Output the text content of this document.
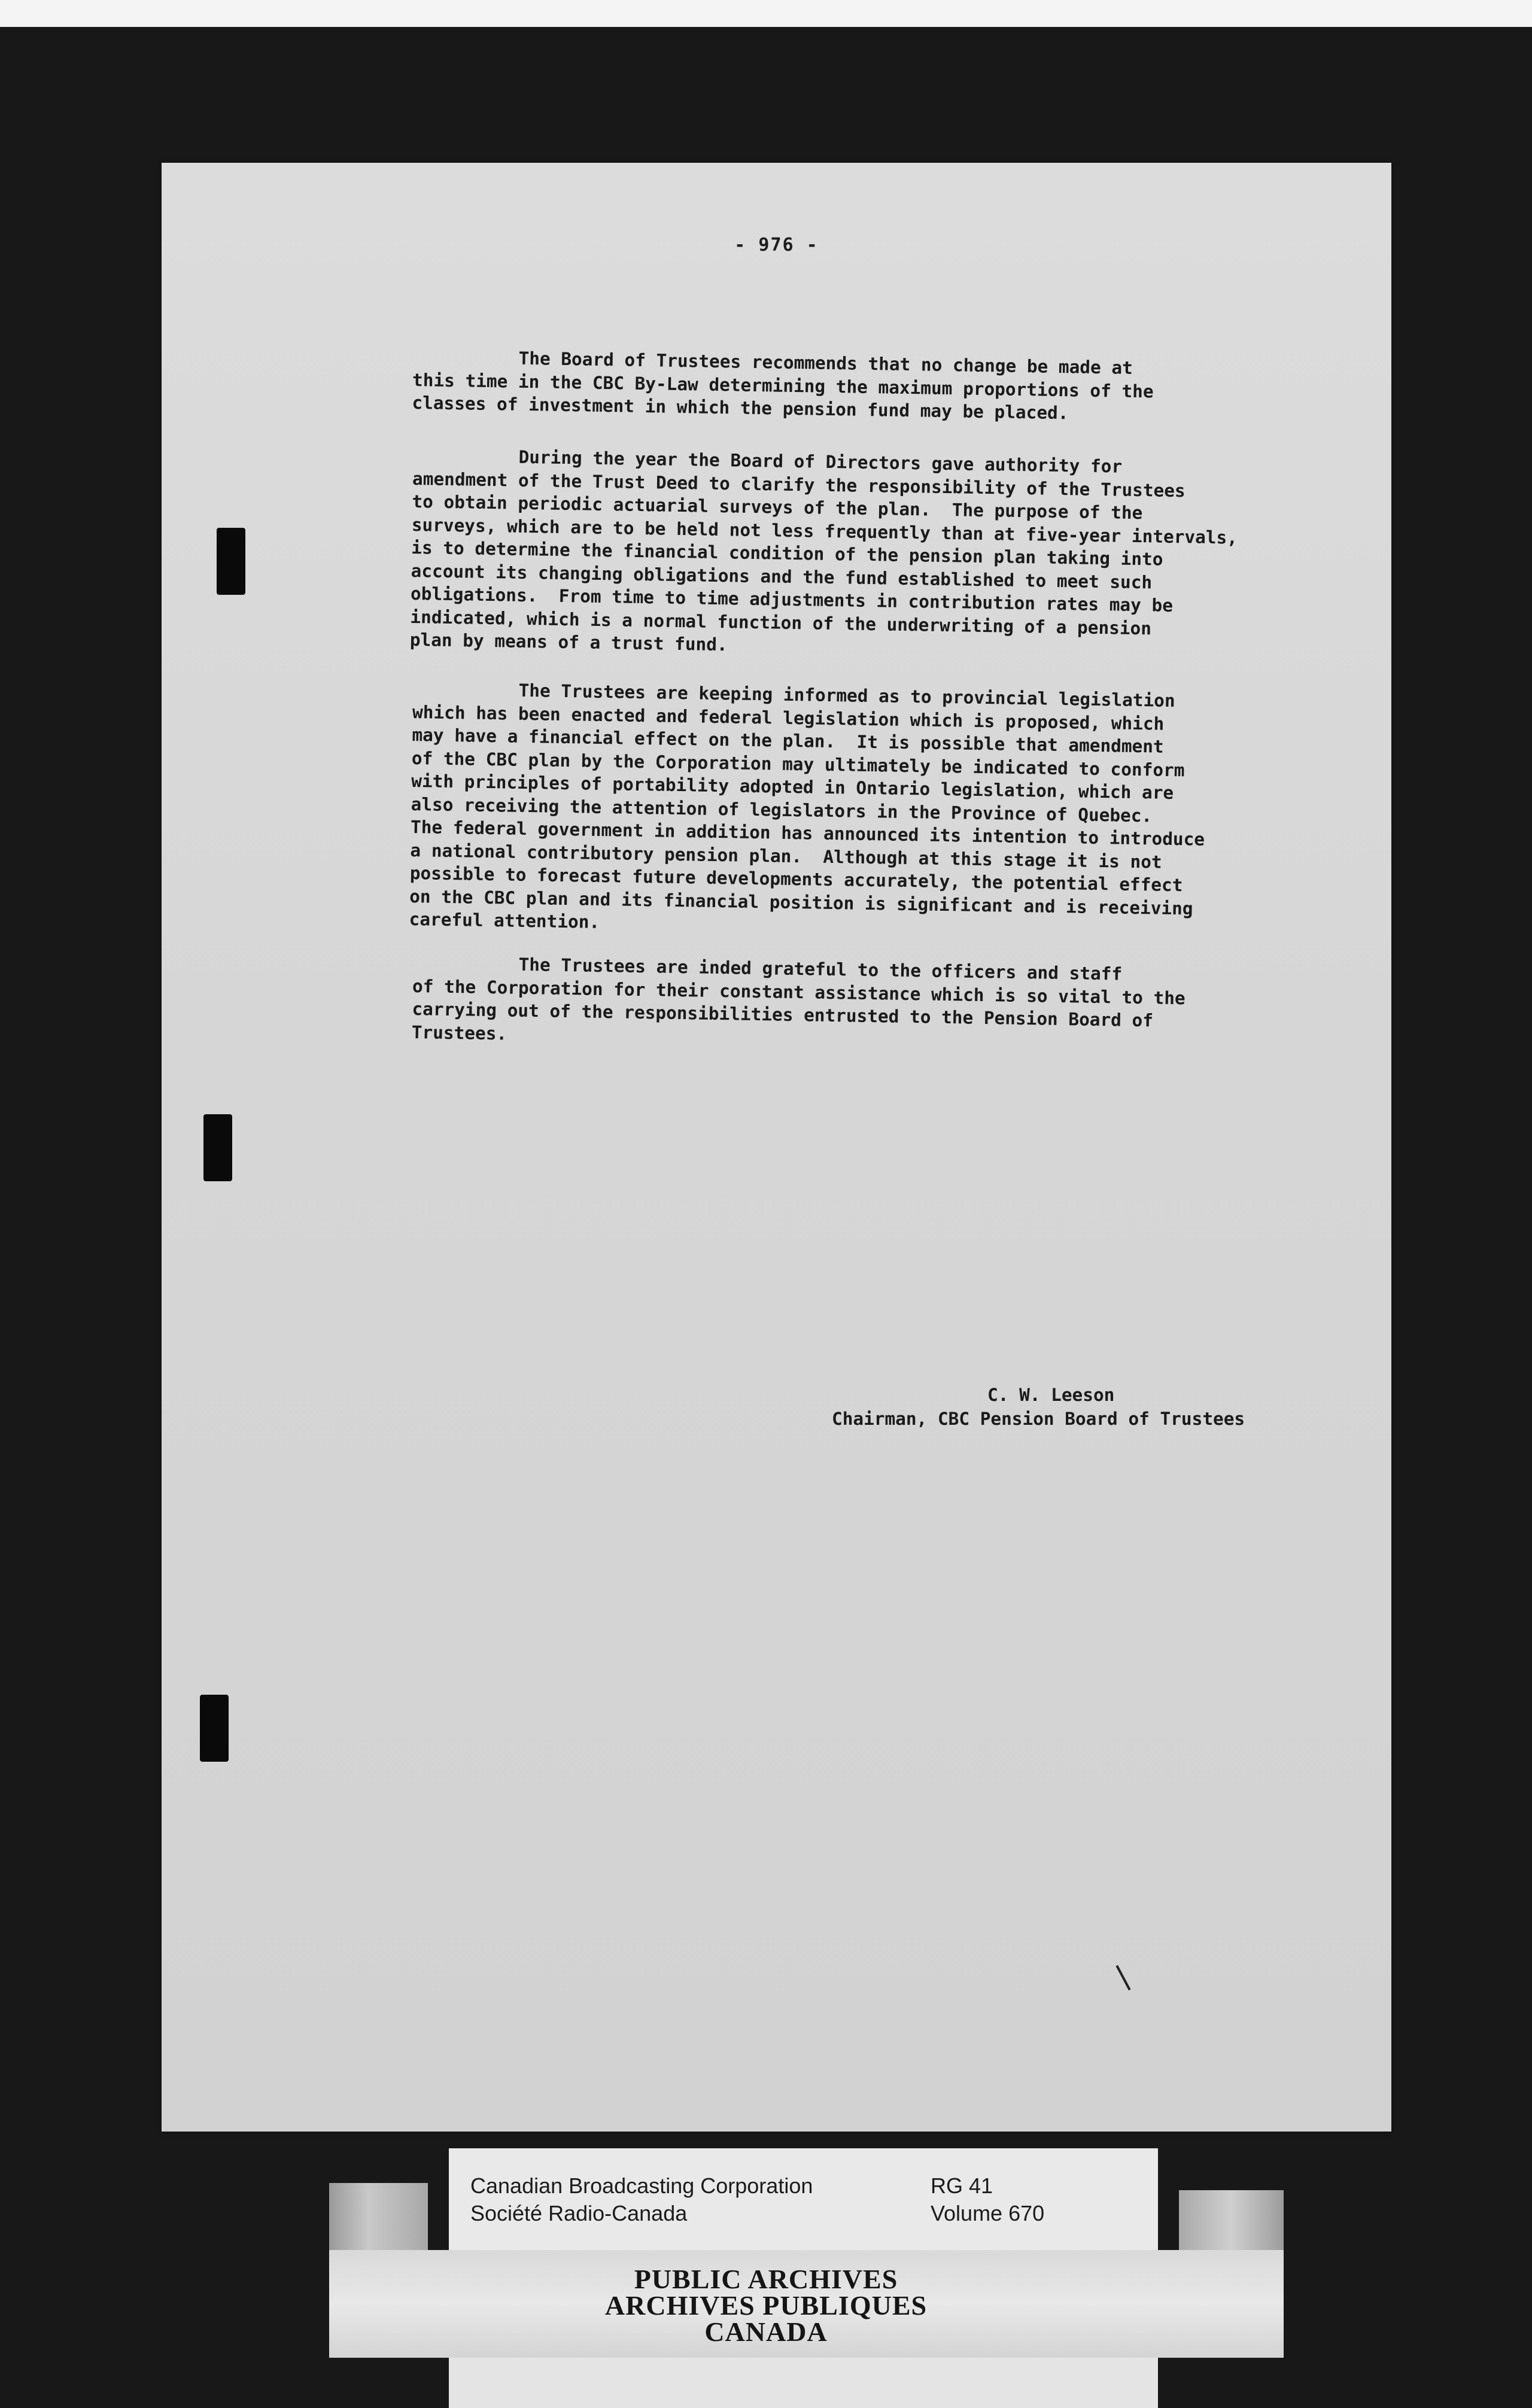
- 976 -
The Board of Trustees recommends that no change be made at
this time in the CBC By-Law determining the maximum proportions of the
classes of investment in which the pension fund may be placed.
During the year the Board of Directors gave authority for
amendment of the Trust Deed to clarify the responsibility of the Trustees
to obtain periodic actuarial surveys of the plan.  The purpose of the
surveys, which are to be held not less frequently than at five-year intervals,
is to determine the financial condition of the pension plan taking into
account its changing obligations and the fund established to meet such
obligations.  From time to time adjustments in contribution rates may be
indicated, which is a normal function of the underwriting of a pension
plan by means of a trust fund.
The Trustees are keeping informed as to provincial legislation
which has been enacted and federal legislation which is proposed, which
may have a financial effect on the plan.  It is possible that amendment
of the CBC plan by the Corporation may ultimately be indicated to conform
with principles of portability adopted in Ontario legislation, which are
also receiving the attention of legislators in the Province of Quebec.
The federal government in addition has announced its intention to introduce
a national contributory pension plan.  Although at this stage it is not
possible to forecast future developments accurately, the potential effect
on the CBC plan and its financial position is significant and is receiving
careful attention.
The Trustees are inded grateful to the officers and staff
of the Corporation for their constant assistance which is so vital to the
carrying out of the responsibilities entrusted to the Pension Board of
Trustees.
C. W. Leeson
Chairman, CBC Pension Board of Trustees
Canadian Broadcasting Corporation
Société Radio-Canada
RG 41
Volume 670
PUBLIC ARCHIVES
ARCHIVES PUBLIQUES
CANADA
